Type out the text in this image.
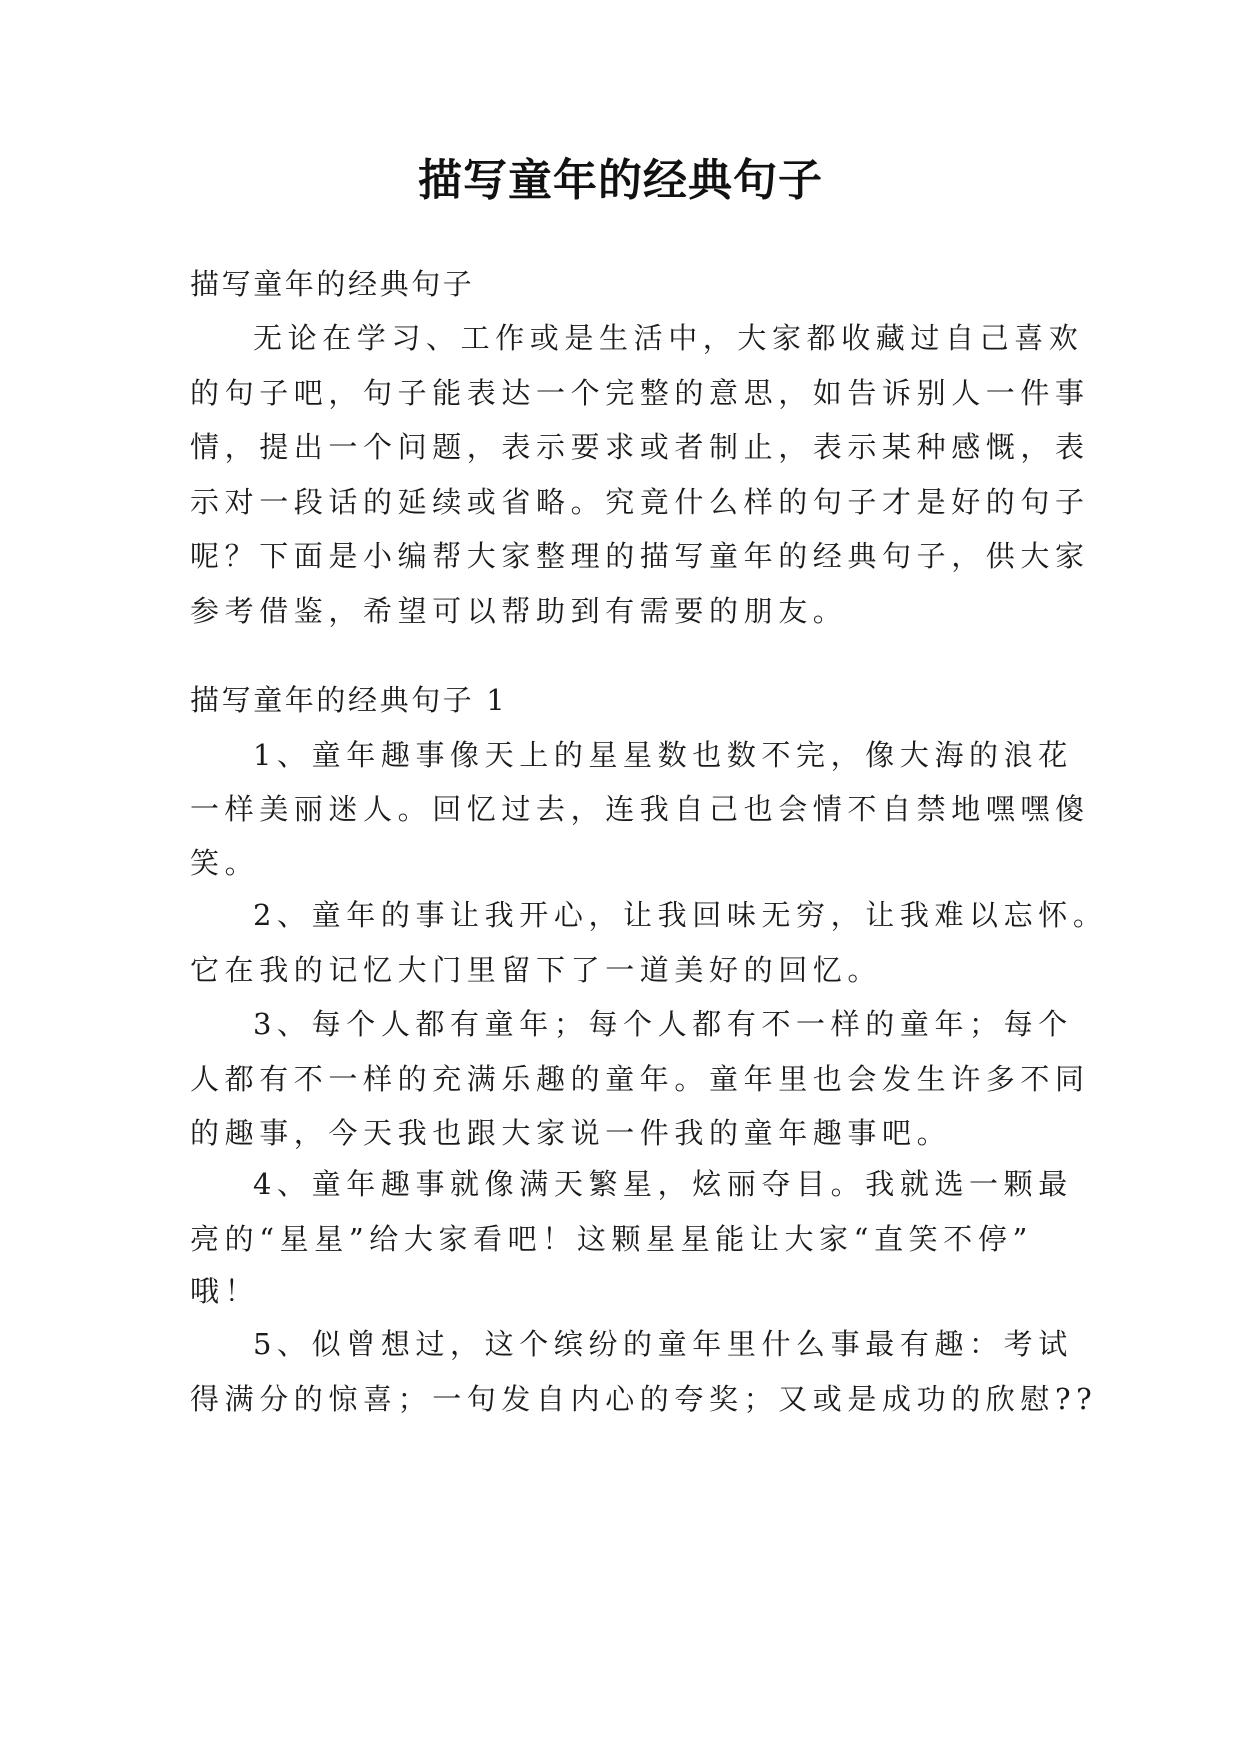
描写童年的经典句子
描写童年的经典句子
无论在学习、工作或是生活中，大家都收藏过自己喜欢
的句子吧，句子能表达一个完整的意思，如告诉别人一件事
情，提出一个问题，表示要求或者制止，表示某种感慨，表
示对一段话的延续或省略。究竟什么样的句子才是好的句子
呢？下面是小编帮大家整理的描写童年的经典句子，供大家
参考借鉴，希望可以帮助到有需要的朋友。
描写童年的经典句子 1
1、童年趣事像天上的星星数也数不完，像大海的浪花
一样美丽迷人。回忆过去，连我自己也会情不自禁地嘿嘿傻
笑。
2、童年的事让我开心，让我回味无穷，让我难以忘怀。
它在我的记忆大门里留下了一道美好的回忆。
3、每个人都有童年；每个人都有不一样的童年；每个
人都有不一样的充满乐趣的童年。童年里也会发生许多不同
的趣事，今天我也跟大家说一件我的童年趣事吧。
4、童年趣事就像满天繁星，炫丽夺目。我就选一颗最
亮的“星星”给大家看吧！这颗星星能让大家“直笑不停”
哦！
5、似曾想过，这个缤纷的童年里什么事最有趣：考试
得满分的惊喜；一句发自内心的夸奖；又或是成功的欣慰??
